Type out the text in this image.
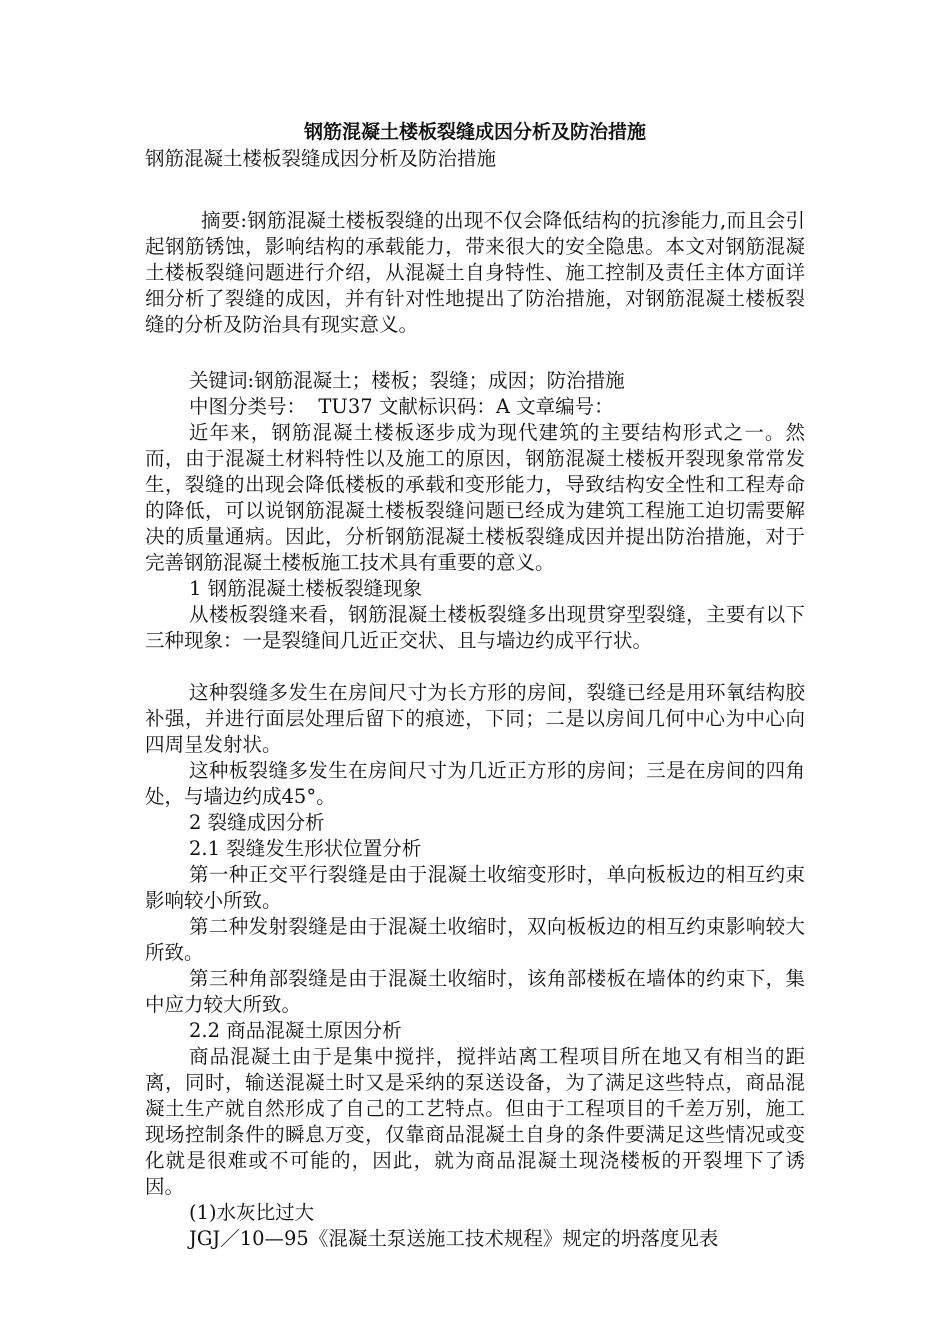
钢筋混凝土楼板裂缝成因分析及防治措施

钢筋混凝土楼板裂缝成因分析及防治措施

摘要:钢筋混凝土楼板裂缝的出现不仅会降低结构的抗渗能力,而且会引起钢筋锈蚀，影响结构的承载能力，带来很大的安全隐患。本文对钢筋混凝土楼板裂缝问题进行介绍，从混凝土自身特性、施工控制及责任主体方面详细分析了裂缝的成因，并有针对性地提出了防治措施，对钢筋混凝土楼板裂缝的分析及防治具有现实意义。

关键词:钢筋混凝土；楼板；裂缝；成因；防治措施

中图分类号：  TU37 文献标识码：A 文章编号：

近年来，钢筋混凝土楼板逐步成为现代建筑的主要结构形式之一。然而，由于混凝土材料特性以及施工的原因，钢筋混凝土楼板开裂现象常常发生，裂缝的出现会降低楼板的承载和变形能力，导致结构安全性和工程寿命的降低，可以说钢筋混凝土楼板裂缝问题已经成为建筑工程施工迫切需要解决的质量通病。因此，分析钢筋混凝土楼板裂缝成因并提出防治措施，对于完善钢筋混凝土楼板施工技术具有重要的意义。

1 钢筋混凝土楼板裂缝现象

从楼板裂缝来看，钢筋混凝土楼板裂缝多出现贯穿型裂缝，主要有以下三种现象：一是裂缝间几近正交状、且与墙边约成平行状。

这种裂缝多发生在房间尺寸为长方形的房间，裂缝已经是用环氧结构胶补强，并进行面层处理后留下的痕迹，下同；二是以房间几何中心为中心向四周呈发射状。

这种板裂缝多发生在房间尺寸为几近正方形的房间；三是在房间的四角处，与墙边约成45°。

2 裂缝成因分析

2.1 裂缝发生形状位置分析

第一种正交平行裂缝是由于混凝土收缩变形时，单向板板边的相互约束影响较小所致。

第二种发射裂缝是由于混凝土收缩时，双向板板边的相互约束影响较大所致。

第三种角部裂缝是由于混凝土收缩时，该角部楼板在墙体的约束下，集中应力较大所致。

2.2 商品混凝土原因分析

商品混凝土由于是集中搅拌，搅拌站离工程项目所在地又有相当的距离，同时，输送混凝土时又是采纳的泵送设备，为了满足这些特点，商品混凝土生产就自然形成了自己的工艺特点。但由于工程项目的千差万别，施工现场控制条件的瞬息万变，仅靠商品混凝土自身的条件要满足这些情况或变化就是很难或不可能的，因此，就为商品混凝土现浇楼板的开裂埋下了诱因。

(1)水灰比过大

JGJ／10—95《混凝土泵送施工技术规程》规定的坍落度见表
